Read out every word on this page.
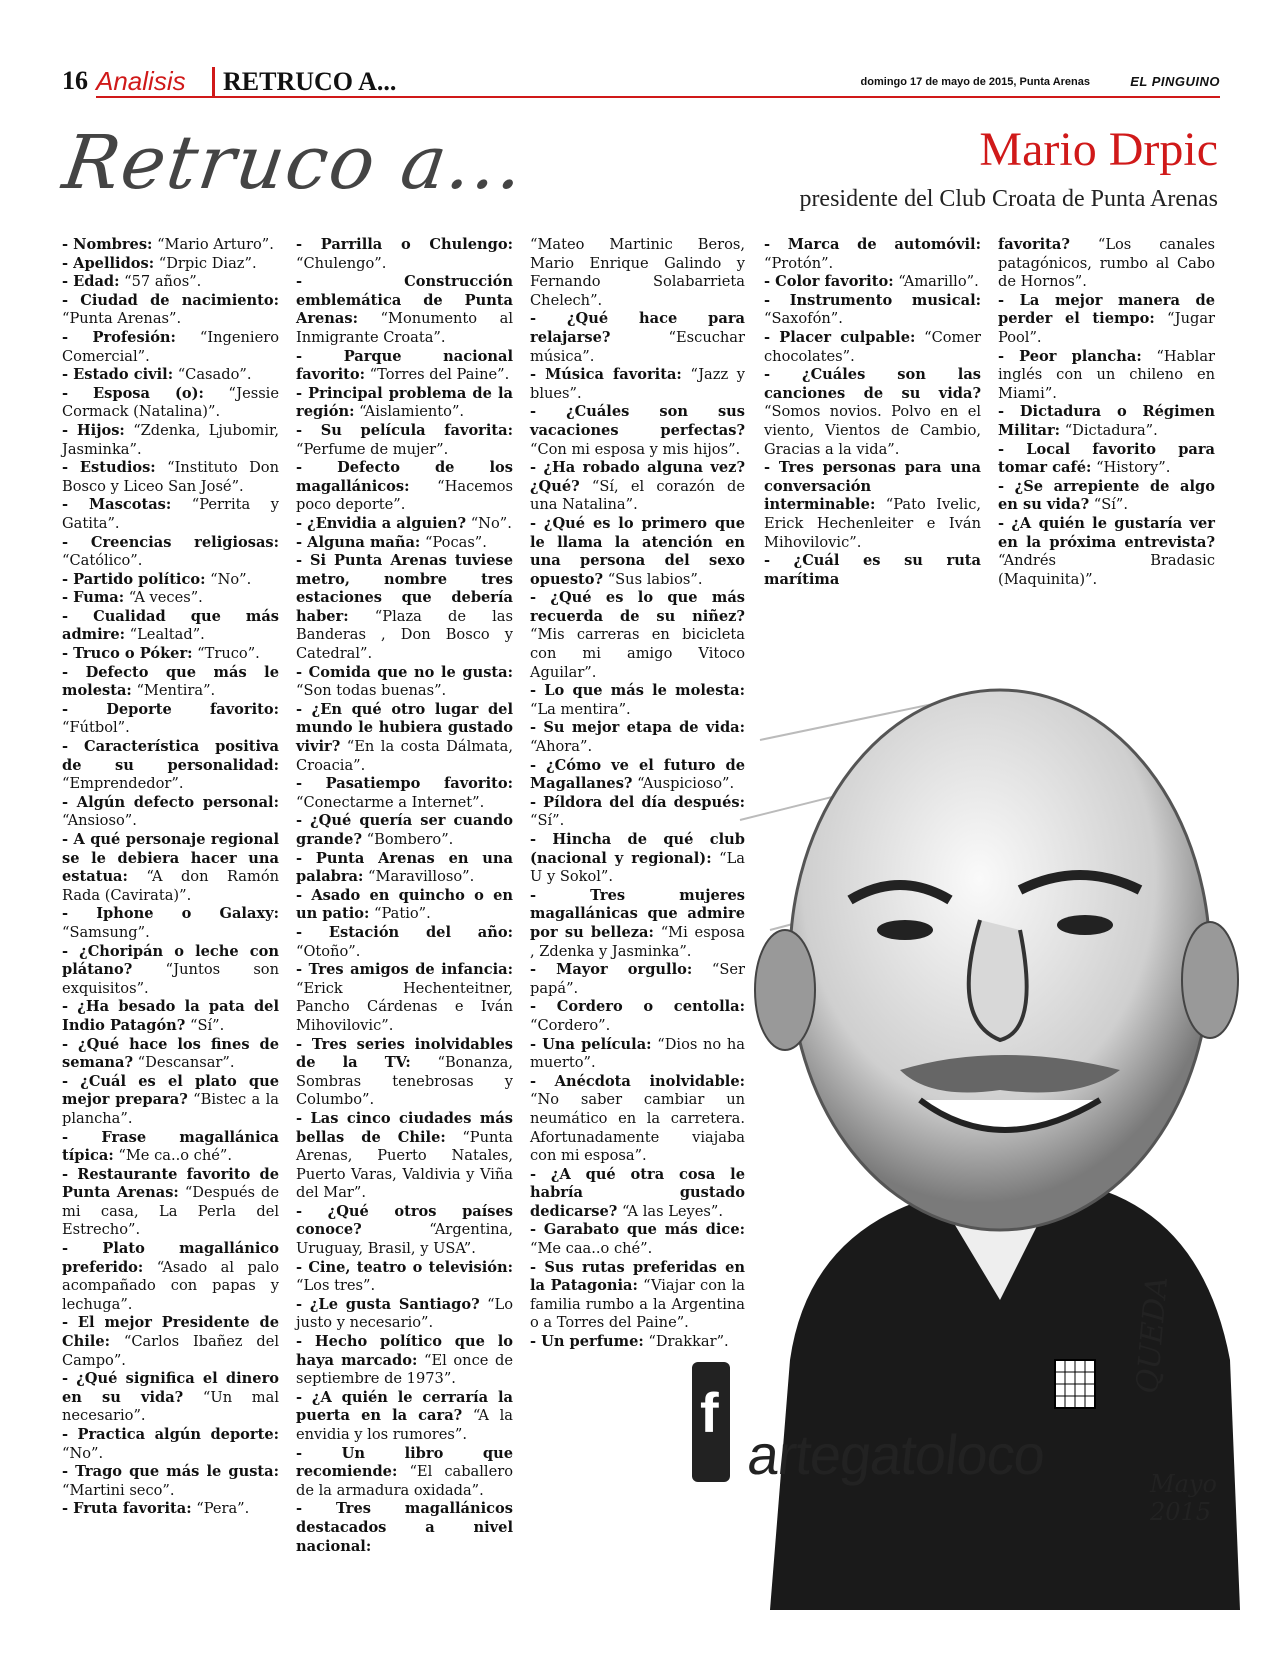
16 Analisis	RETRUCO A...	domingo 17 de mayo de 2015, Punta Arenas	EL PINGUINO
Retruco a...	Mario Drpic
presidente del Club Croata de Punta Arenas

- Nombres: “Mario Arturo”.

- Apellidos: “Drpic Diaz”.

- Edad: “57 años”.

- Ciudad de nacimiento: “Punta Arenas”.

- Profesión: “Ingeniero Comercial”.

- Estado civil: “Casado”.

- Esposa (o): “Jessie Cormack (Natalina)”.

- Hijos: “Zdenka, Ljubomir, Jasminka”.

- Estudios: “Instituto Don Bosco y Liceo San José”.

- Mascotas: “Perrita y Gatita”.

- Creencias religiosas: “Católico”.

- Partido político: “No”.

- Fuma: “A veces”.

- Cualidad que más admire: “Lealtad”.

- Truco o Póker: “Truco”.

- Defecto que más le molesta: “Mentira”.

- Deporte favorito: “Fútbol”.

- Característica positiva de su personalidad: “Emprendedor”.

- Algún defecto personal: “Ansioso”.

- A qué personaje regional se le debiera hacer una estatua: “A don Ramón Rada (Cavirata)”.

- Iphone o Galaxy: “Samsung”.

- ¿Choripán o leche con plátano? “Juntos son exquisitos”.

- ¿Ha besado la pata del Indio Patagón? “Sí”.

- ¿Qué hace los fines de semana? “Descansar”.

- ¿Cuál es el plato que mejor prepara? “Bistec a la plancha”.

- Frase magallánica típica: “Me ca..o ché”.

- Restaurante favorito de Punta Arenas: “Después de mi casa, La Perla del Estrecho”.

- Plato magallánico preferido: “Asado al palo acompañado con papas y lechuga”.

- El mejor Presidente de Chile: “Carlos Ibañez del Campo”.

- ¿Qué significa el dinero en su vida? “Un mal necesario”.

- Practica algún deporte: “No”.

- Trago que más le gusta: “Martini seco”.

- Fruta favorita: “Pera”.

- Parrilla o Chulengo: “Chulengo”.

- Construcción emblemática de Punta Arenas: “Monumento al Inmigrante Croata”.

- Parque nacional favorito: “Torres del Paine”.

- Principal problema de la región: “Aislamiento”.

- Su película favorita: “Perfume de mujer”.

- Defecto de los magallánicos: “Hacemos poco deporte”.

- ¿Envidia a alguien? “No”.

- Alguna maña: “Pocas”.

- Si Punta Arenas tuviese metro, nombre tres estaciones que debería haber: “Plaza de las Banderas , Don Bosco y Catedral”.

- Comida que no le gusta: “Son todas buenas”.

- ¿En qué otro lugar del mundo le hubiera gustado vivir? “En la costa Dálmata, Croacia”.

- Pasatiempo favorito: “Conectarme a Internet”.

- ¿Qué quería ser cuando grande? “Bombero”.

- Punta Arenas en una palabra: “Maravilloso”.

- Asado en quincho o en un patio: “Patio”.

- Estación del año: “Otoño”.

- Tres amigos de infancia: “Erick Hechenteitner, Pancho Cárdenas e Iván Mihovilovic”.

- Tres series inolvidables de la TV: “Bonanza, Sombras tenebrosas y Columbo”.

- Las cinco ciudades más bellas de Chile: “Punta Arenas, Puerto Natales, Puerto Varas, Valdivia y Viña del Mar”.

- ¿Qué otros países conoce? “Argentina, Uruguay, Brasil, y USA”.

- Cine, teatro o televisión: “Los tres”.

- ¿Le gusta Santiago? “Lo justo y necesario”.

- Hecho político que lo haya marcado: “El once de septiembre de 1973”.

- ¿A quién le cerraría la puerta en la cara? “A la envidia y los rumores”.

- Un libro que recomiende: “El caballero de la armadura oxidada”.

- Tres magallánicos destacados a nivel nacional:

“Mateo Martinic Beros, Mario Enrique Galindo y Fernando Solabarrieta Chelech”.

- ¿Qué hace para relajarse? “Escuchar música”.

- Música favorita: “Jazz y blues”.

- ¿Cuáles son sus vacaciones perfectas? “Con mi esposa y mis hijos”.

- ¿Ha robado alguna vez? ¿Qué? “Sí, el corazón de una Natalina”.

- ¿Qué es lo primero que le llama la atención en una persona del sexo opuesto? “Sus labios”.

- ¿Qué es lo que más recuerda de su niñez? “Mis carreras en bicicleta con mi amigo Vitoco Aguilar”.

- Lo que más le molesta: “La mentira”.

- Su mejor etapa de vida: “Ahora”.

- ¿Cómo ve el futuro de Magallanes? “Auspicioso”.

- Píldora del día después: “Sí”.

- Hincha de qué club (nacional y regional): “La U y Sokol”.

- Tres mujeres magallánicas que admire por su belleza: “Mi esposa , Zdenka y Jasminka”.

- Mayor orgullo: “Ser papá”.

- Cordero o centolla: “Cordero”.

- Una película: “Dios no ha muerto”.

- Anécdota inolvidable: “No saber cambiar un neumático en la carretera. Afortunadamente viajaba con mi esposa”.

- ¿A qué otra cosa le habría gustado dedicarse? “A las Leyes”.

- Garabato que más dice: “Me caa..o ché”.

- Sus rutas preferidas en la Patagonia: “Viajar con la familia rumbo a la Argentina o a Torres del Paine”.

- Un perfume: “Drakkar”.

- Marca de automóvil: “Protón”.

- Color favorito: “Amarillo”.

- Instrumento musical: “Saxofón”.

- Placer culpable: “Comer chocolates”.

- ¿Cuáles son las canciones de su vida? “Somos novios. Polvo en el viento, Vientos de Cambio, Gracias a la vida”.

- Tres personas para una conversación interminable: “Pato Ivelic, Erick Hechenleiter e Iván Mihovilovic”.

- ¿Cuál es su ruta marítima

favorita? “Los canales patagónicos, rumbo al Cabo de Hornos”.

- La mejor manera de perder el tiempo: “Jugar Pool”.

- Peor plancha: “Hablar inglés con un chileno en Miami”.

- Dictadura o Régimen Militar: “Dictadura”.

- Local favorito para tomar café: “History”.

- ¿Se arrepiente de algo en su vida? “Sí”.

- ¿A quién le gustaría ver en la próxima entrevista? “Andrés Bradasic (Maquinita)”.

f
artegatoloco
QUEDA
Mayo 2015
